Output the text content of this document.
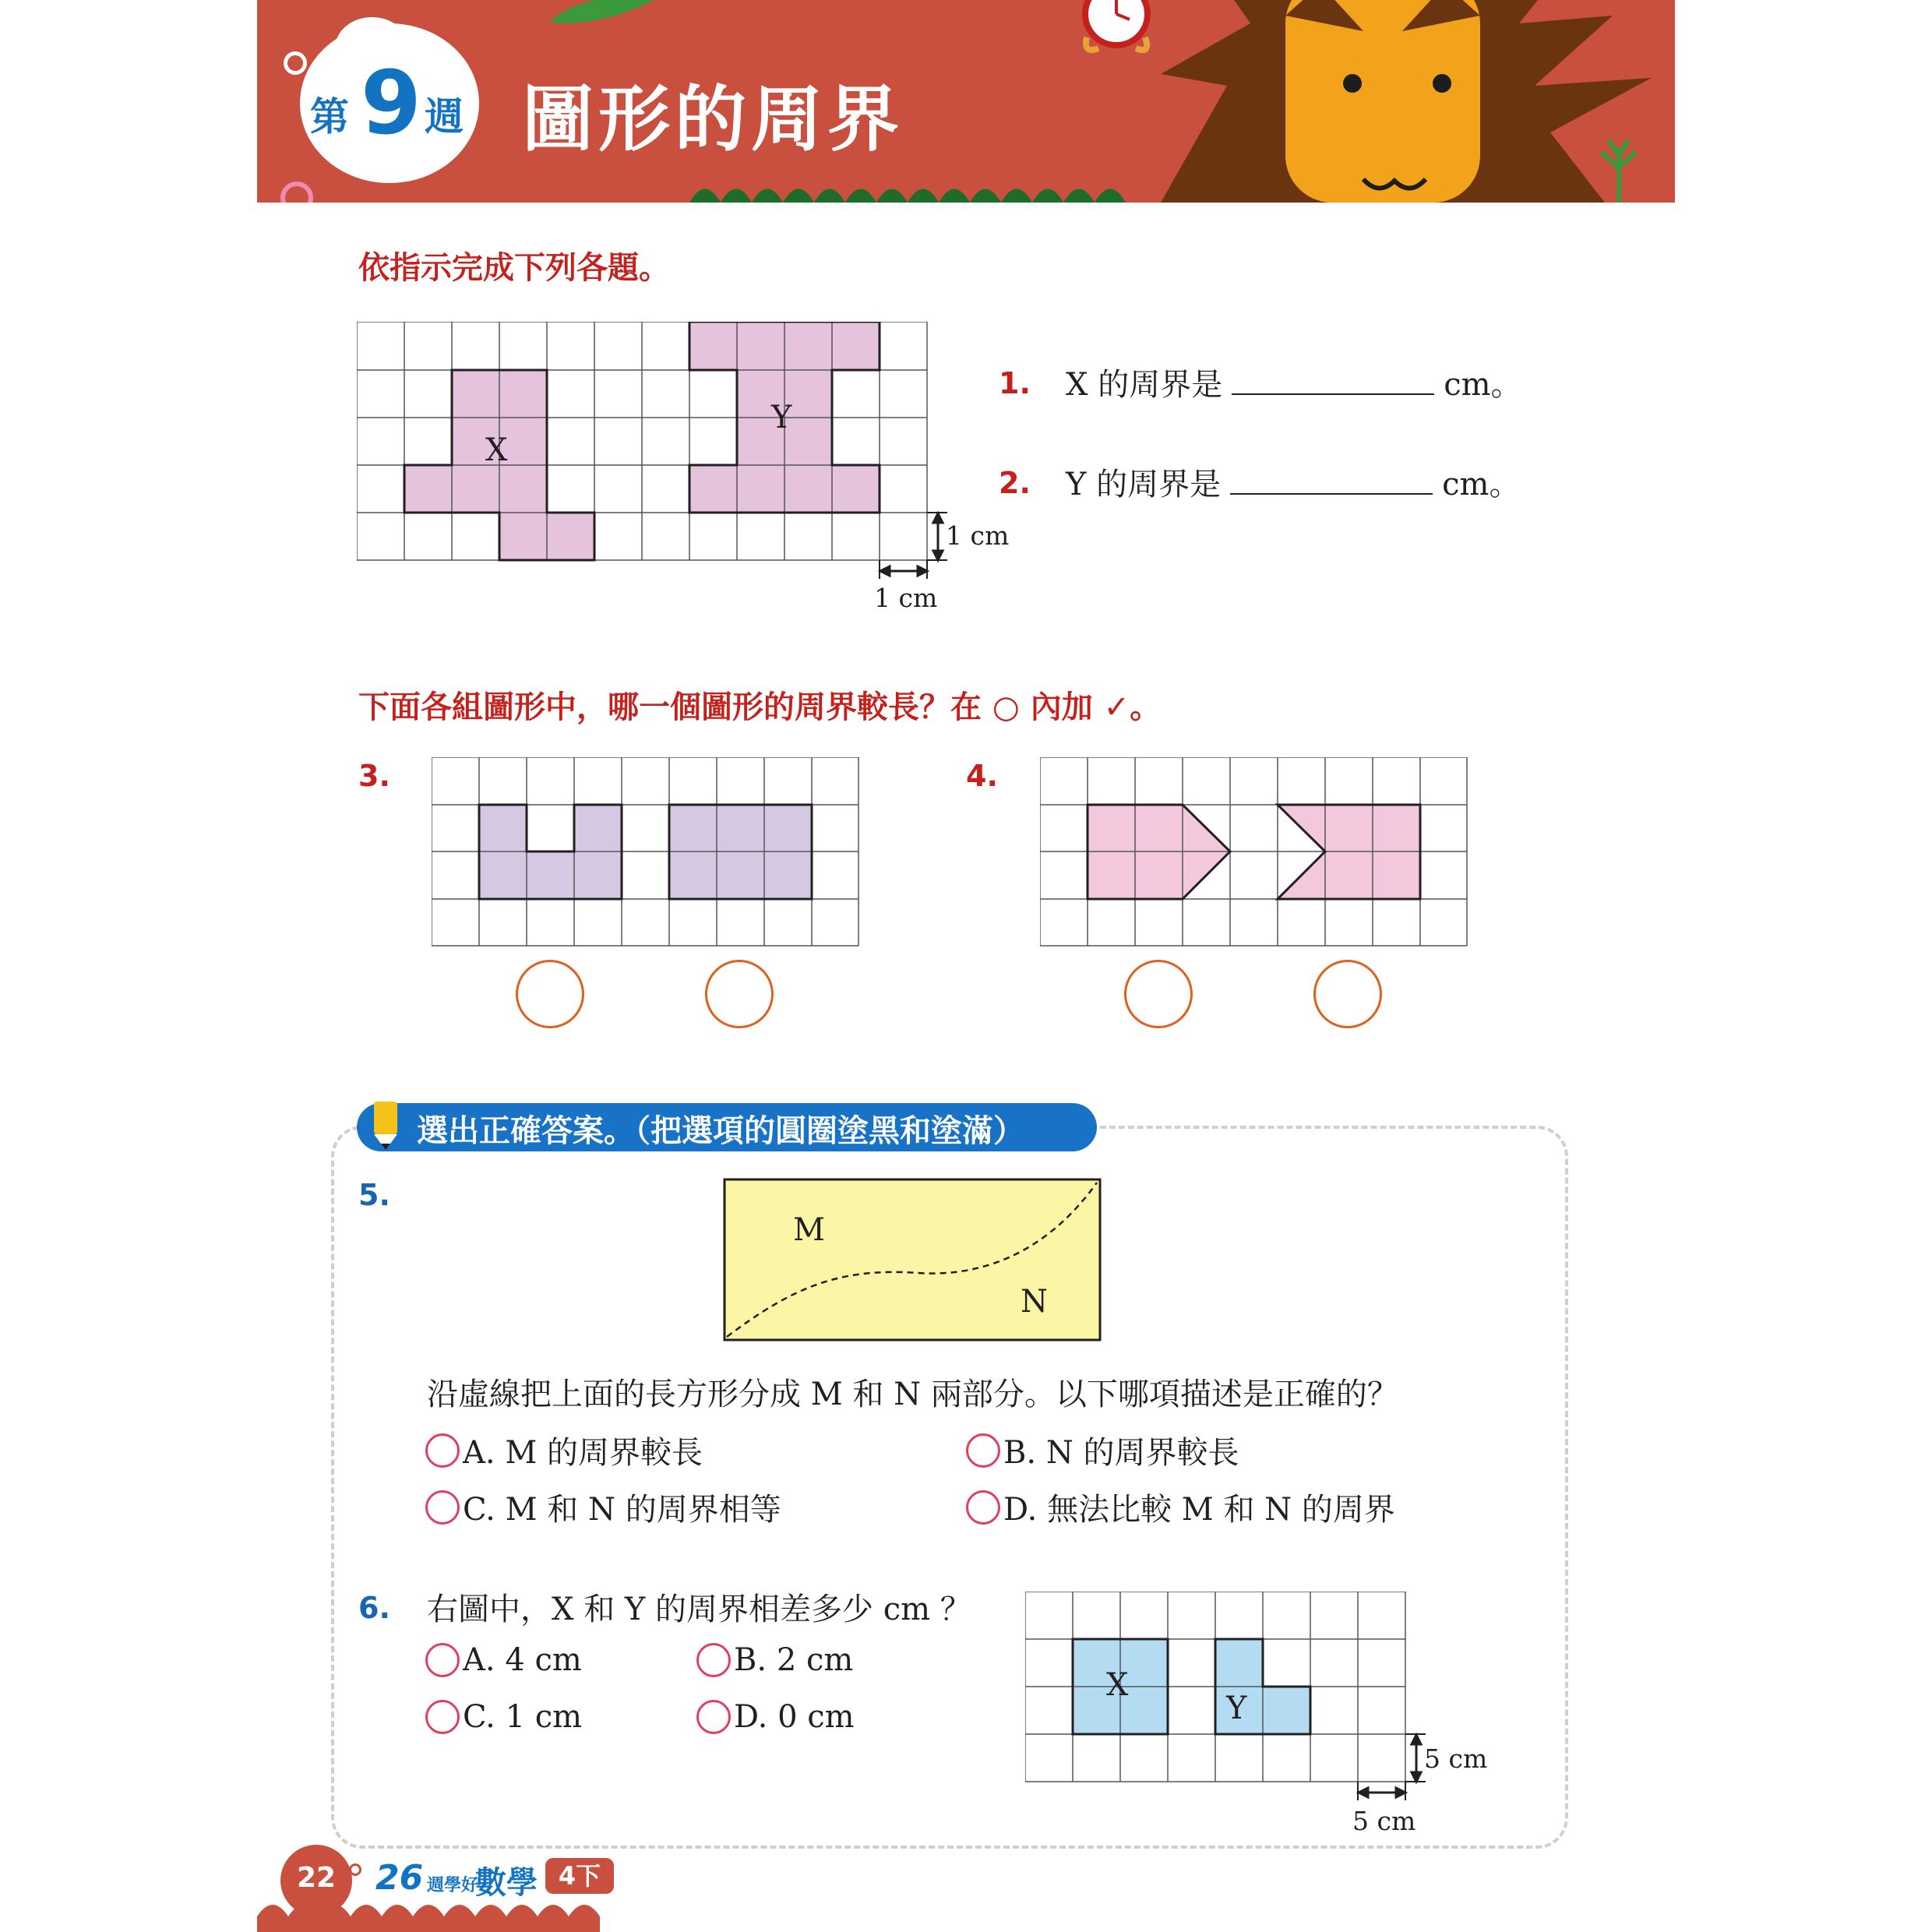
第 9 週 圖形的周界
依指示完成下列各題。
X
Y
1 cm
1 cm
1. X 的周界是	cm。
2. Y 的周界是	cm。
下面各組圖形中，哪一個圖形的周界較長？在 ○ 內加 ✓。
3.	4.
選出正確答案。（把選項的圓圈塗黑和塗滿）
5.
M
N
沿虛線把上面的長方形分成 M 和 N 兩部分。以下哪項描述是正確的？
A. M 的周界較長	B. N 的周界較長
C. M 和 N 的周界相等	D. 無法比較 M 和 N 的周界
6. 右圖中，X 和 Y 的周界相差多少 cm ？
A. 4 cm	B. 2 cm
C. 1 cm	D. 0 cm
X
Y
5 cm
5 cm
22	26 週學好
數學 4下
